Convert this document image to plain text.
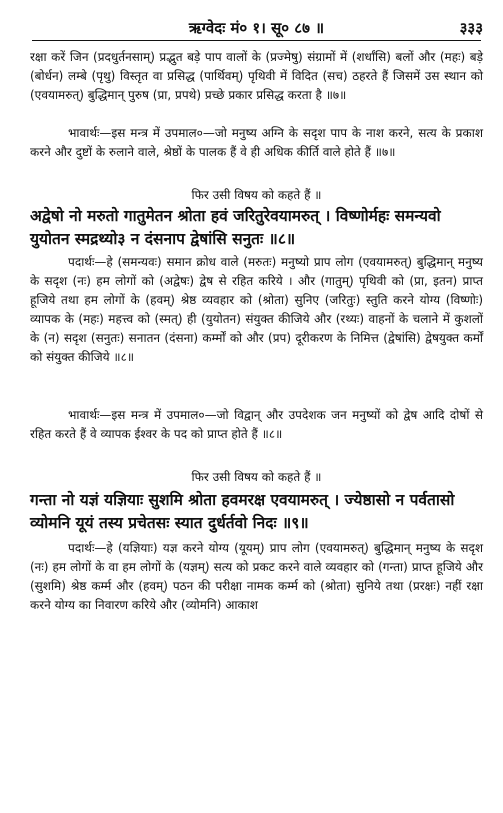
ऋग्वेदः मं० १। सू० ८७ ॥	३३३

रक्षा करें जिन (प्रदधुर्तनसाम्) प्रद्भुत बड़े पाप वालों के (प्रज्मेषु) संग्रामों में (शर्धांसि) बलों और (महः) बड़े (बोर्धन) लम्बे (पृथु) विस्तृत वा प्रसिद्ध (पार्थिवम्) पृथिवी में विदित (सच) ठहरते हैं जिसमें उस स्थान को (एवयामरुत्) बुद्धिमान् पुरुष (प्रा, प्रपथे) प्रच्छे प्रकार प्रसिद्ध करता है ॥७॥

भावार्थः—इस मन्त्र में उपमाल०—जो मनुष्य अग्नि के सदृश पाप के नाश करने, सत्य के प्रकाश करने और दुष्टों के रुलाने वाले, श्रेष्ठों के पालक हैं वे ही अधिक कीर्ति वाले होते हैं ॥७॥

फिर उसी विषय को कहते हैं ॥

अद्वेषो नो मरुतो गातुमेतन श्रोता हवं जरितुरेवयामरुत् । विष्णोर्महः समन्यवो युयोतन स्मद्रथ्यो३ न दंसनाप द्वेषांसि सनुतः ॥८॥

पदार्थः—हे (समन्यवः) समान क्रोध वाले (मरुतः) मनुष्यो प्राप लोग (एवयामरुत्) बुद्धिमान् मनुष्य के सदृश (नः) हम लोगों को (अद्वेषः) द्वेष से रहित करिये । और (गातुम्) पृथिवी को (प्रा, इतन) प्राप्त हूजिये तथा हम लोगों के (हवम्) श्रेष्ठ व्यवहार को (श्रोता) सुनिए (जरितुः) स्तुति करने योग्य (विष्णोः) व्यापक के (महः) महत्त्व को (स्मत्) ही (युयोतन) संयुक्त कीजिये और (रथ्यः) वाहनों के चलाने में कुशलों के (न) सदृश (सनुतः) सनातन (दंसना) कर्म्मों को और (प्रप) दूरीकरण के निमित्त (द्वेषांसि) द्वेषयुक्त कर्मों को संयुक्त कीजिये ॥८॥

भावार्थः—इस मन्त्र में उपमाल०—जो विद्वान् और उपदेशक जन मनुष्यों को द्वेष आदि दोषों से रहित करते हैं वे व्यापक ईश्वर के पद को प्राप्त होते हैं ॥८॥

फिर उसी विषय को कहते हैं ॥

गन्ता नो यज्ञं यज्ञियाः सुशमि श्रोता हवमरक्ष एवयामरुत् । ज्येष्ठासो न पर्वतासो व्योमनि यूयं तस्य प्रचेतसः स्यात दुर्धर्तवो निदः ॥९॥

पदार्थः—हे (यज्ञियाः) यज्ञ करने योग्य (यूयम्) प्राप लोग (एवयामरुत्) बुद्धिमान् मनुष्य के सदृश (नः) हम लोगों के वा हम लोगों के (यज्ञम्) सत्य को प्रकट करने वाले व्यवहार को (गन्ता) प्राप्त हूजिये और (सुशमि) श्रेष्ठ कर्म्म और (हवम्) पठन की परीक्षा नामक कर्म्म को (श्रोता) सुनिये तथा (प्ररक्षः) नहीं रक्षा करने योग्य का निवारण करिये और (व्योमनि) आकाश
